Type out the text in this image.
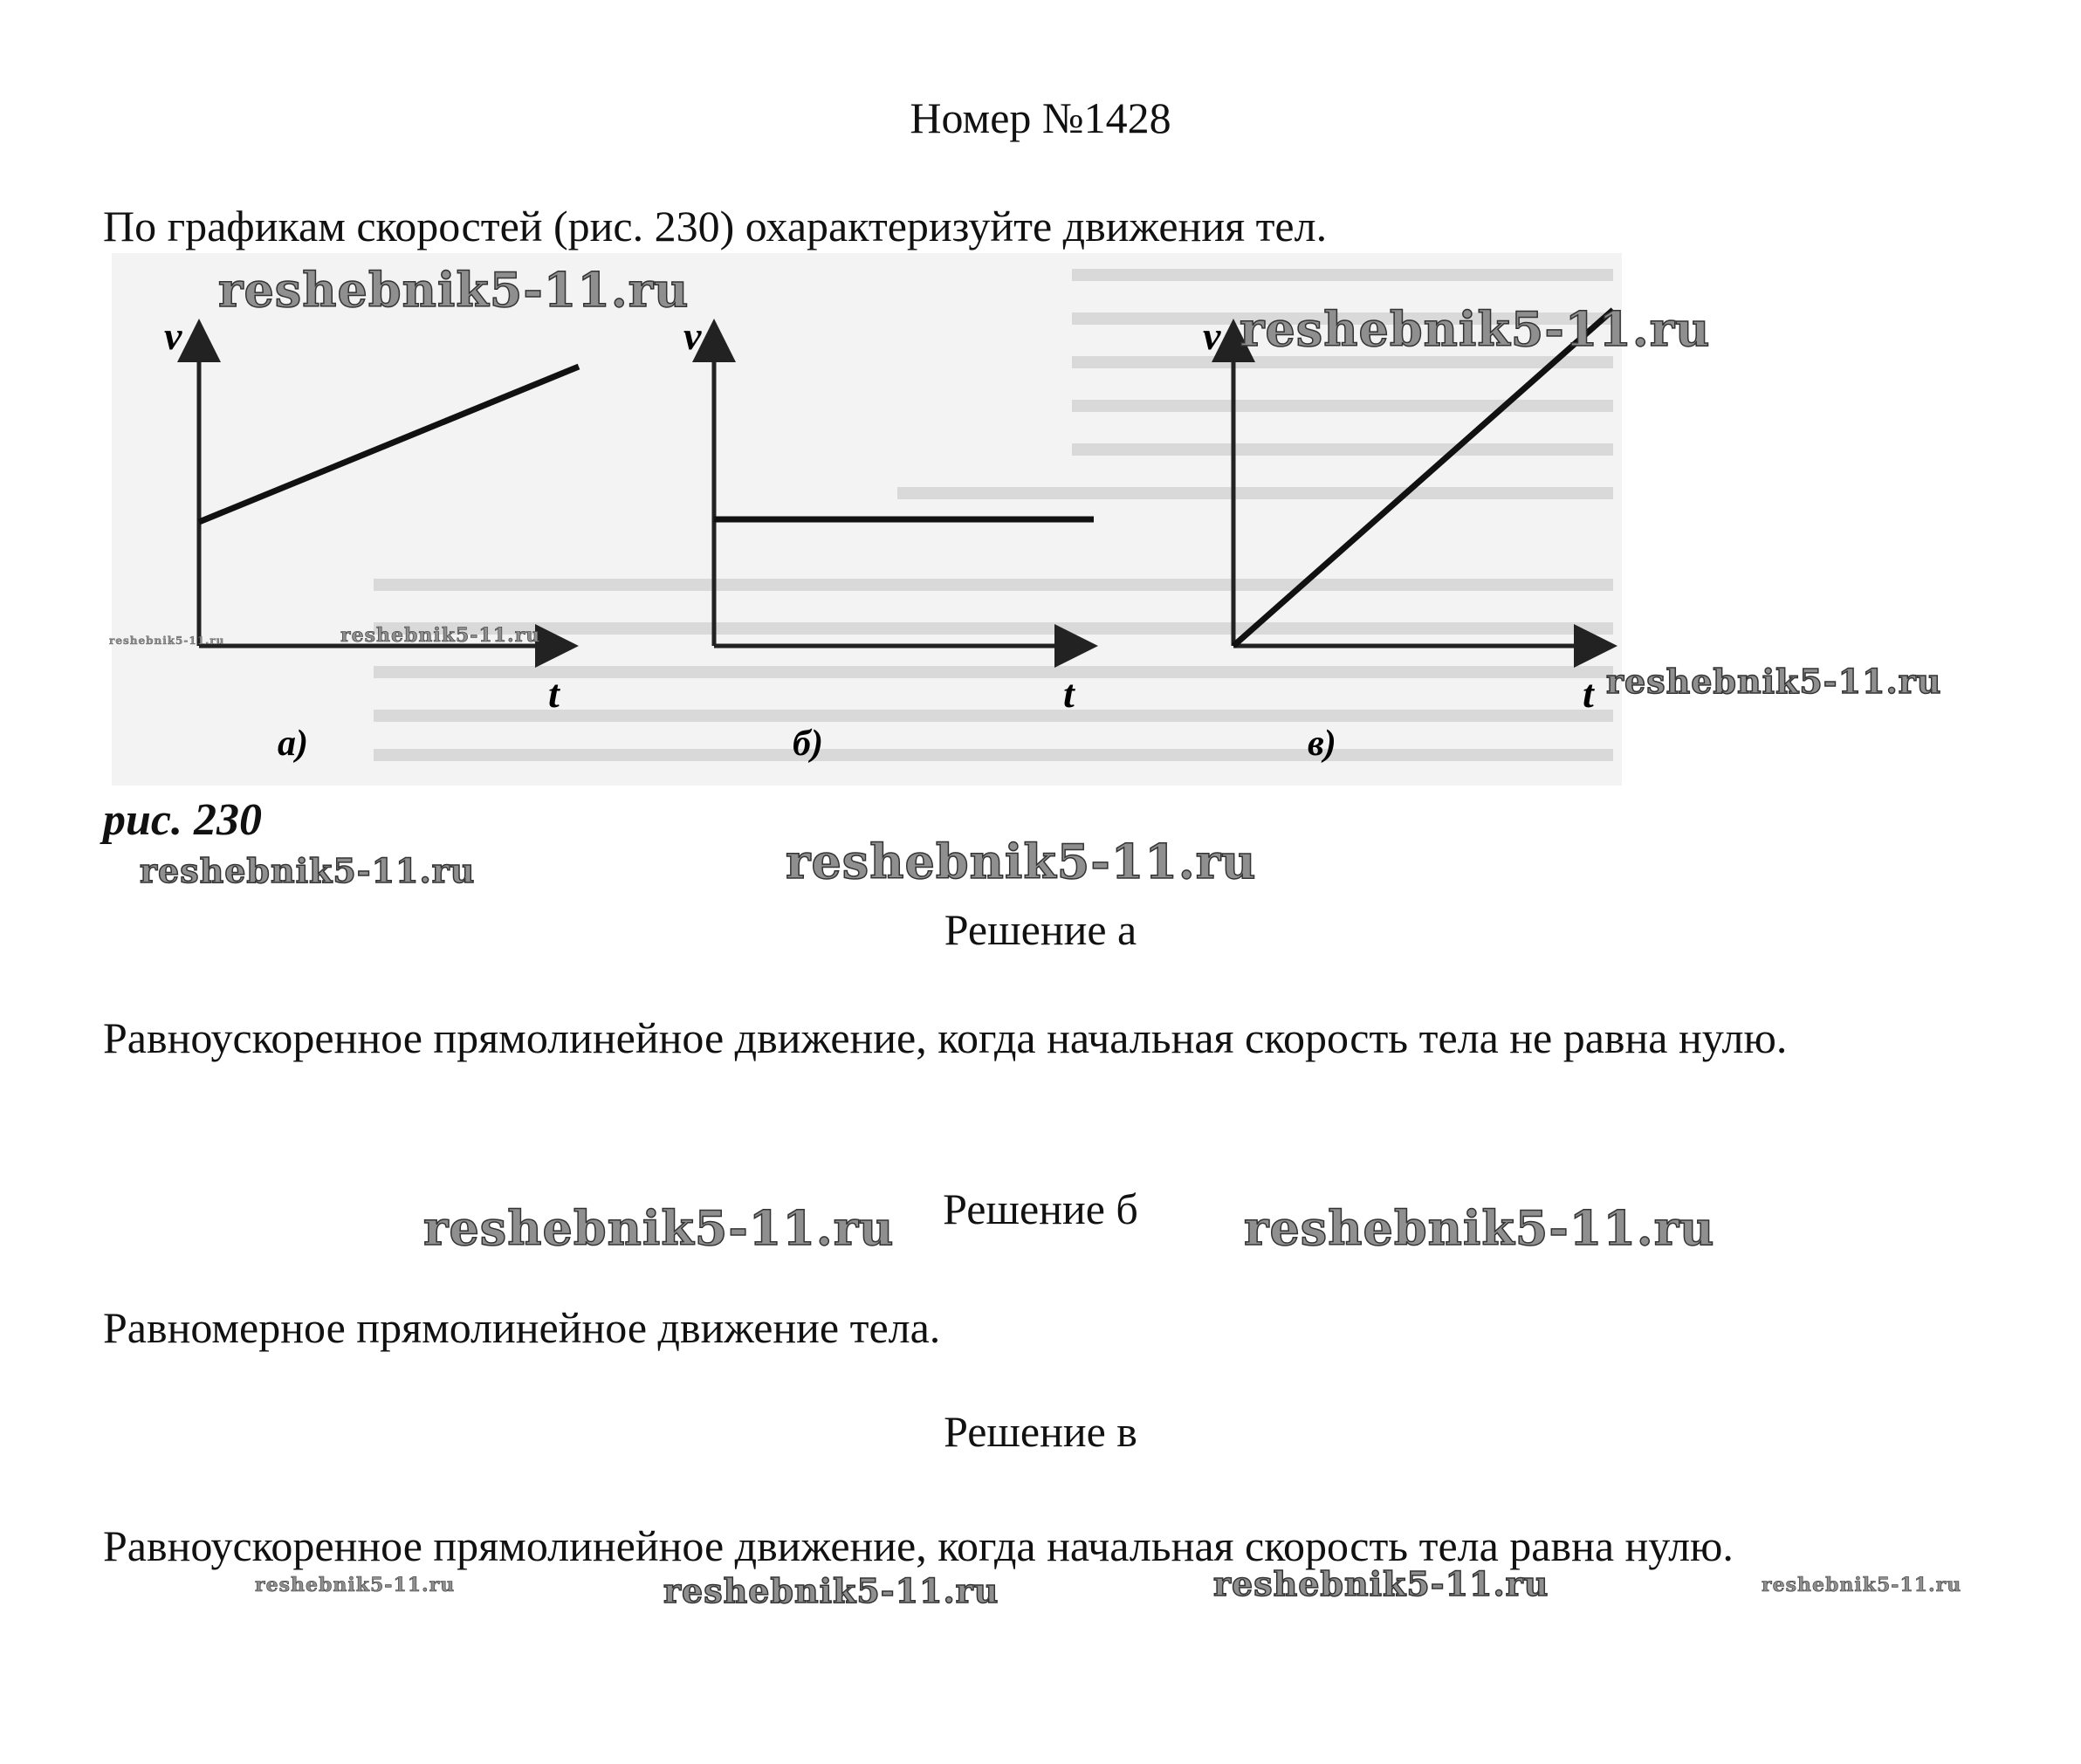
Номер №1428
По графикам скоростей (рис. 230) охарактеризуйте движения тел.
v
t
а)
v
t
б)
v
t
в)
рис. 230
Решение а
Равноускоренное прямолинейное движение, когда начальная скорость тела не равна нулю.
Решение б
Равномерное прямолинейное движение тела.
Решение в
Равноускоренное прямолинейное движение, когда начальная скорость тела равна нулю.
reshebnik5-11.ru
reshebnik5-11.ru
reshebnik5-11.ru
reshebnik5-11.ru
reshebnik5-11.ru
reshebnik5-11.ru	reshebnik5-11.ru
reshebnik5-11.ru	reshebnik5-11.ru
reshebnik5-11.ru	reshebnik5-11.ru	reshebnik5-11.ru	reshebnik5-11.ru
